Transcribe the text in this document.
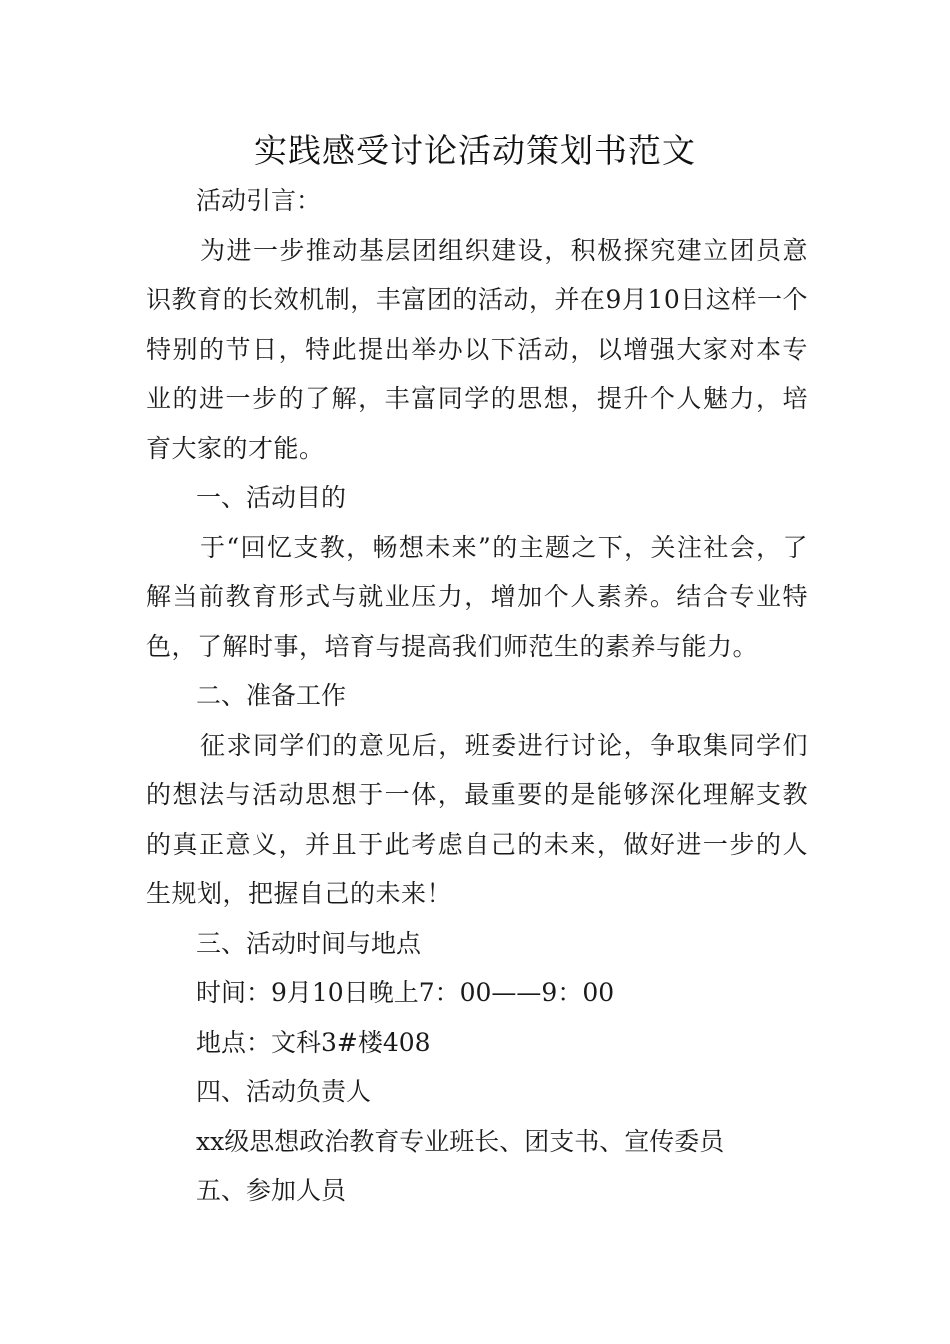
实践感受讨论活动策划书范文

活动引言：

为进一步推动基层团组织建设，积极探究建立团员意识教育的长效机制，丰富团的活动，并在9月10日这样一个特别的节日，特此提出举办以下活动，以增强大家对本专业的进一步的了解，丰富同学的思想，提升个人魅力，培育大家的才能。

一、活动目的

于“回忆支教，畅想未来”的主题之下，关注社会，了解当前教育形式与就业压力，增加个人素养。结合专业特色，了解时事，培育与提高我们师范生的素养与能力。

二、准备工作

征求同学们的意见后，班委进行讨论，争取集同学们的想法与活动思想于一体，最重要的是能够深化理解支教的真正意义，并且于此考虑自己的未来，做好进一步的人生规划，把握自己的未来！

三、活动时间与地点

时间：9月10日晚上7：00——9：00

地点：文科3#楼408

四、活动负责人

xx级思想政治教育专业班长、团支书、宣传委员

五、参加人员
